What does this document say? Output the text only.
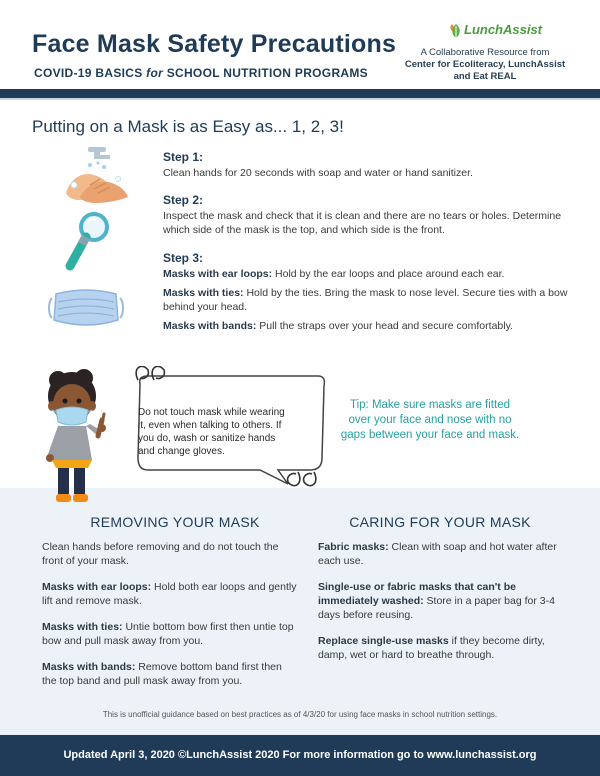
Face Mask Safety Precautions
COVID-19 BASICS for SCHOOL NUTRITION PROGRAMS
LunchAssist
A Collaborative Resource from
Center for Ecoliteracy, LunchAssist
and Eat REAL
Putting on a Mask is as Easy as... 1, 2, 3!
Step 1:

Clean hands for 20 seconds with soap and water or hand sanitizer.

Step 2:

Inspect the mask and check that it is clean and there are no tears or holes. Determine which side of the mask is the top, and which side is the front.

Step 3:

Masks with ear loops: Hold by the ear loops and place around each ear.

Masks with ties: Hold by the ties. Bring the mask to nose level. Secure ties with a bow behind your head.

Masks with bands: Pull the straps over your head and secure comfortably.

Do not touch mask while wearing it, even when talking to others. If you do, wash or sanitize hands and change gloves.
Tip: Make sure masks are fitted over your face and nose with no gaps between your face and mask.
REMOVING YOUR MASK

Clean hands before removing and do not touch the front of your mask.

Masks with ear loops: Hold both ear loops and gently lift and remove mask.

Masks with ties: Untie bottom bow first then untie top bow and pull mask away from you.

Masks with bands: Remove bottom band first then the top band and pull mask away from you.

CARING FOR YOUR MASK

Fabric masks: Clean with soap and hot water after each use.

Single-use or fabric masks that can't be immediately washed: Store in a paper bag for 3-4 days before reusing.

Replace single-use masks if they become dirty, damp, wet or hard to breathe through.

This is unofficial guidance based on best practices as of 4/3/20 for using face masks in school nutrition settings.
Updated April 3, 2020 ©LunchAssist 2020 For more information go to www.lunchassist.org
